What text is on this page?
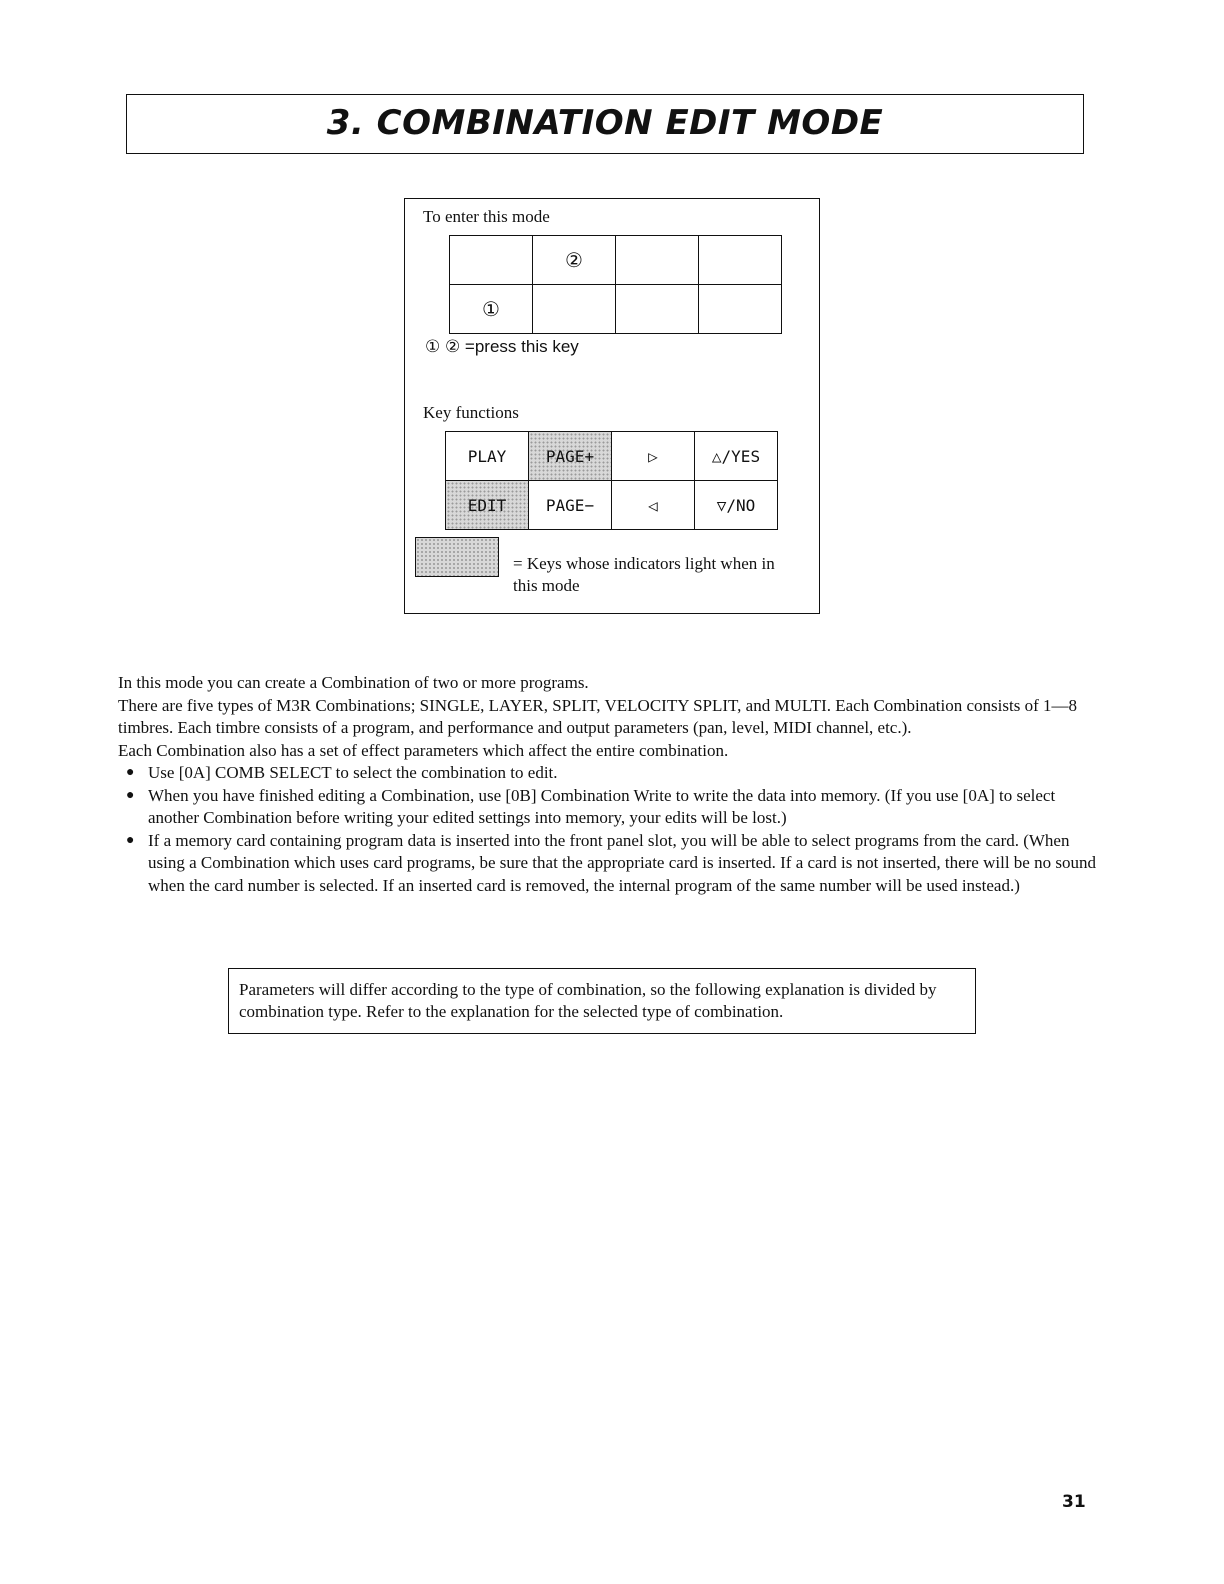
3. COMBINATION EDIT MODE
To enter this mode
	②		
①			
① ② =press this key
Key functions
PLAY	PAGE+	▷	△/YES
EDIT	PAGE−	◁	▽/NO
= Keys whose indicators light when in this mode

In this mode you can create a Combination of two or more programs.

There are five types of M3R Combinations; SINGLE, LAYER, SPLIT, VELOCITY SPLIT, and MULTI. Each Combination consists of 1—8 timbres. Each timbre consists of a program, and performance and output parameters (pan, level, MIDI channel, etc.).

Each Combination also has a set of effect parameters which affect the entire combination.

● Use [0A] COMB SELECT to select the combination to edit.

● When you have finished editing a Combination, use [0B] Combination Write to write the data into memory. (If you use [0A] to select another Combination before writing your edited settings into memory, your edits will be lost.)

● If a memory card containing program data is inserted into the front panel slot, you will be able to select programs from the card. (When using a Combination which uses card programs, be sure that the appropriate card is inserted. If a card is not inserted, there will be no sound when the card number is selected. If an inserted card is removed, the internal program of the same number will be used instead.)

Parameters will differ according to the type of combination, so the following explanation is divided by combination type. Refer to the explanation for the selected type of combination.
31
